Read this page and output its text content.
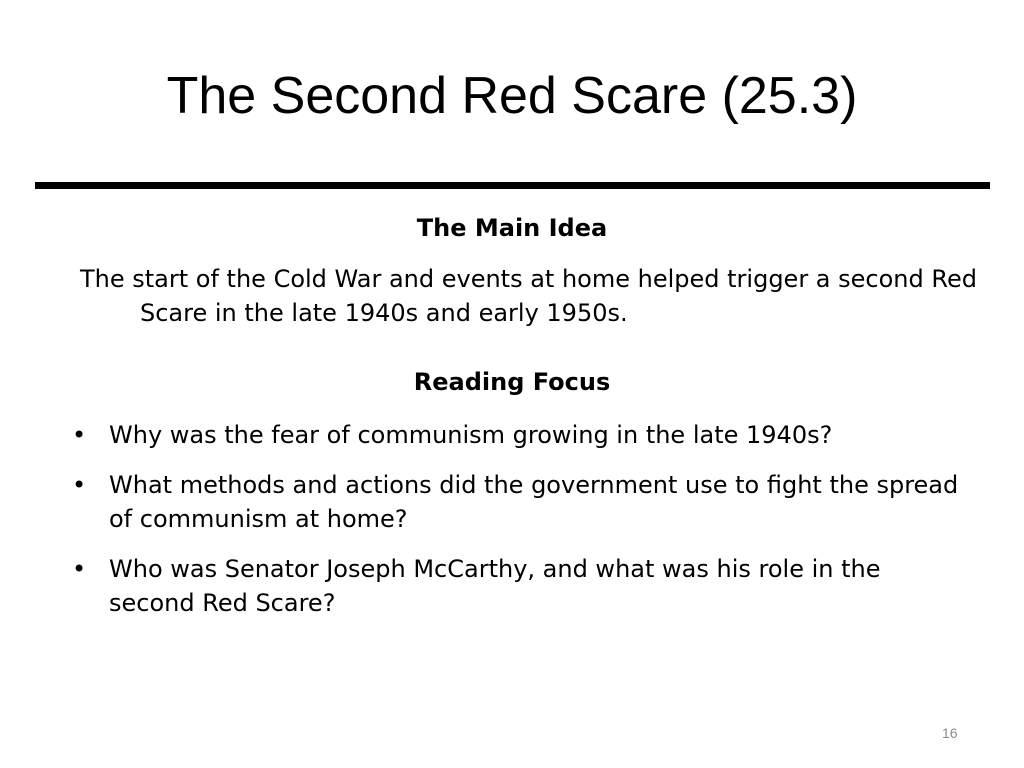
The Second Red Scare (25.3)
The Main Idea

The start of the Cold War and events at home helped trigger a second Red Scare in the late 1940s and early 1950s.

Reading Focus
• Why was the fear of communism growing in the late 1940s?
• What methods and actions did the government use to fight the spread of communism at home?
• Who was Senator Joseph McCarthy, and what was his role in the second Red Scare?
16
